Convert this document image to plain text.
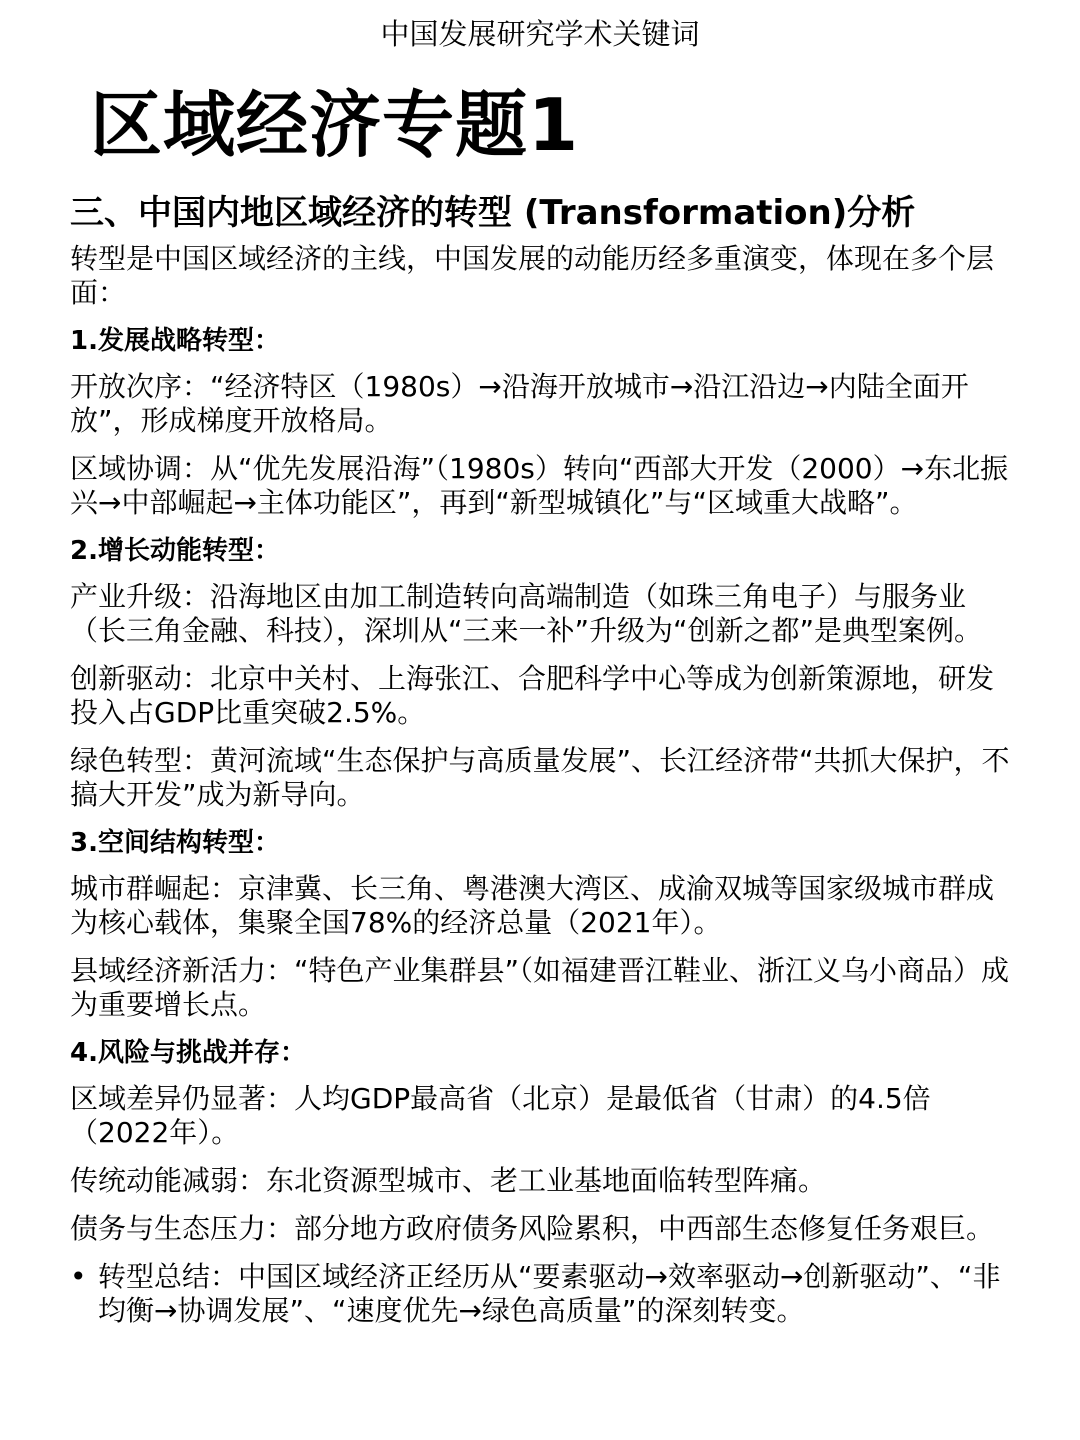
中国发展研究学术关键词
区域经济专题1
三、中国内地区域经济的转型 (Transformation)分析
转型是中国区域经济的主线，中国发展的动能历经多重演变，体现在多个层面：
1.发展战略转型：
开放次序：“经济特区（1980s）→沿海开放城市→沿江沿边→内陆全面开放”，形成梯度开放格局。
区域协调：从“优先发展沿海”（1980s）转向“西部大开发（2000）→东北振兴→中部崛起→主体功能区”，再到“新型城镇化”与“区域重大战略”。
2.增长动能转型：
产业升级：沿海地区由加工制造转向高端制造（如珠三角电子）与服务业（长三角金融、科技），深圳从“三来一补”升级为“创新之都”是典型案例。
创新驱动：北京中关村、上海张江、合肥科学中心等成为创新策源地，研发投入占GDP比重突破2.5%。
绿色转型：黄河流域“生态保护与高质量发展”、长江经济带“共抓大保护，不搞大开发”成为新导向。
3.空间结构转型：
城市群崛起：京津冀、长三角、粤港澳大湾区、成渝双城等国家级城市群成为核心载体，集聚全国78%的经济总量（2021年）。
县域经济新活力：“特色产业集群县”（如福建晋江鞋业、浙江义乌小商品）成为重要增长点。
4.风险与挑战并存：
区域差异仍显著：人均GDP最高省（北京）是最低省（甘肃）的4.5倍（2022年）。
传统动能减弱：东北资源型城市、老工业基地面临转型阵痛。
债务与生态压力：部分地方政府债务风险累积，中西部生态修复任务艰巨。
• 转型总结：中国区域经济正经历从“要素驱动→效率驱动→创新驱动”、“非均衡→协调发展”、“速度优先→绿色高质量”的深刻转变。
